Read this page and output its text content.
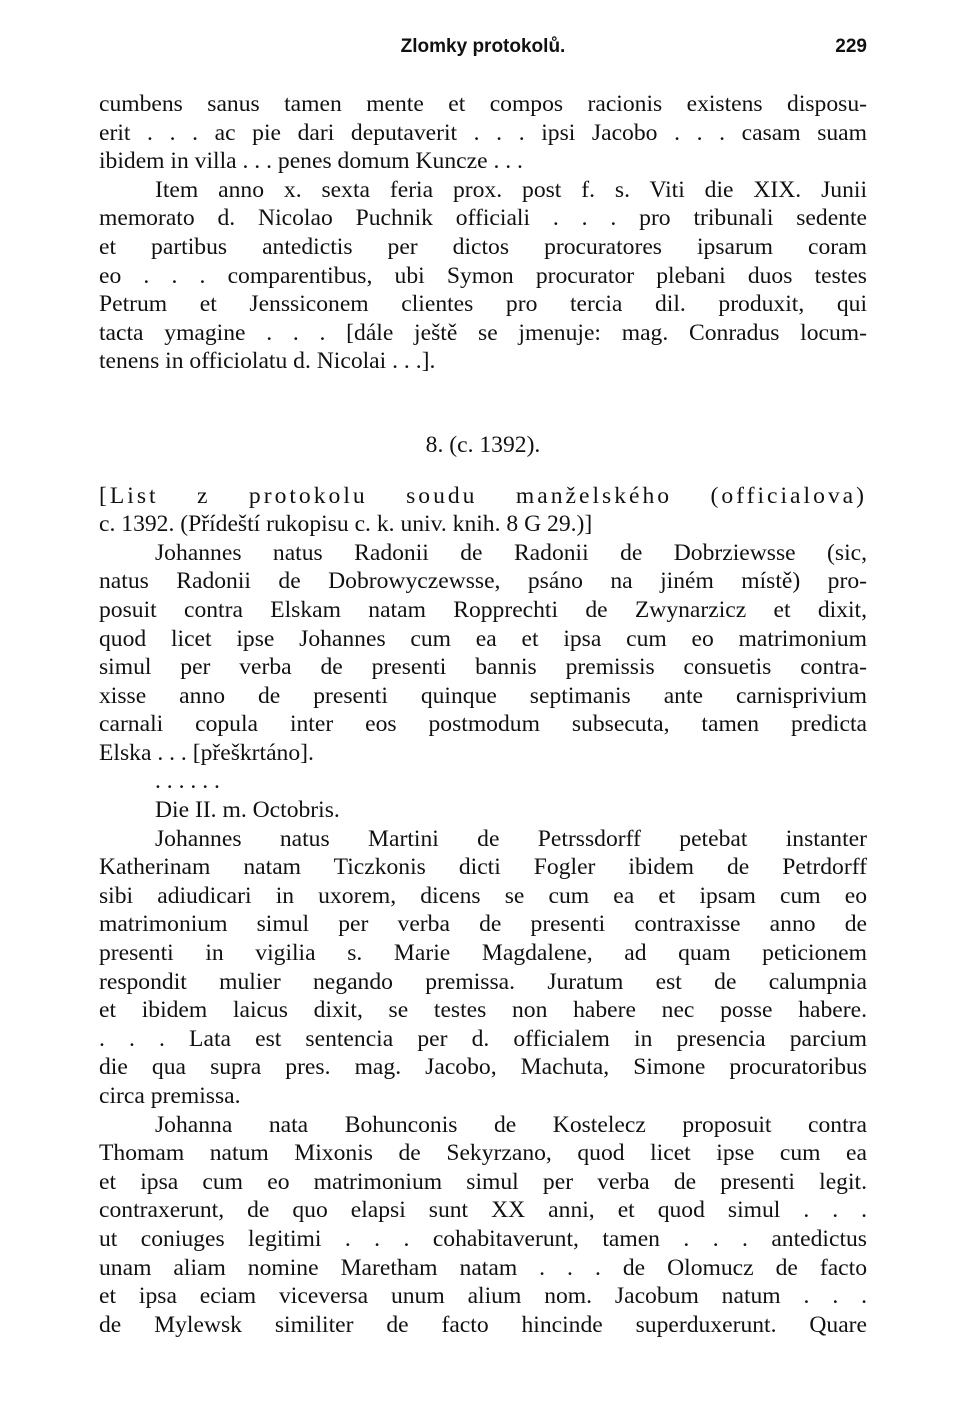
Zlomky protokolů.	229
cumbens sanus tamen mente et compos racionis existens disposu-
erit . . . ac pie dari deputaverit . . . ipsi Jacobo . . . casam suam
ibidem in villa . . . penes domum Kuncze . . .
Item anno x. sexta feria prox. post f. s. Viti die XIX. Junii
memorato d. Nicolao Puchnik officiali . . . pro tribunali sedente
et partibus antedictis per dictos procuratores ipsarum coram
eo . . . comparentibus, ubi Symon procurator plebani duos testes
Petrum et Jenssiconem clientes pro tercia dil. produxit, qui
tacta ymagine . . . [dále ještě se jmenuje: mag. Conradus locum-
tenens in officiolatu d. Nicolai . . .].
8. (c. 1392).
[List z protokolu soudu manželského (officialova)
c. 1392. (Přídeští rukopisu c. k. univ. knih. 8 G 29.)]
Johannes natus Radonii de Radonii de Dobrziewsse (sic,
natus Radonii de Dobrowyczewsse, psáno na jiném místě) pro-
posuit contra Elskam natam Ropprechti de Zwynarzicz et dixit,
quod licet ipse Johannes cum ea et ipsa cum eo matrimonium
simul per verba de presenti bannis premissis consuetis contra-
xisse anno de presenti quinque septimanis ante carnisprivium
carnali copula inter eos postmodum subsecuta, tamen predicta
Elska . . . [přeškrtáno].
. . . . . .
Die II. m. Octobris.
Johannes natus Martini de Petrssdorff petebat instanter
Katherinam natam Ticzkonis dicti Fogler ibidem de Petrdorff
sibi adiudicari in uxorem, dicens se cum ea et ipsam cum eo
matrimonium simul per verba de presenti contraxisse anno de
presenti in vigilia s. Marie Magdalene, ad quam peticionem
respondit mulier negando premissa. Juratum est de calumpnia
et ibidem laicus dixit, se testes non habere nec posse habere.
. . . Lata est sentencia per d. officialem in presencia parcium
die qua supra pres. mag. Jacobo, Machuta, Simone procuratoribus
circa premissa.
Johanna nata Bohunconis de Kostelecz proposuit contra
Thomam natum Mixonis de Sekyrzano, quod licet ipse cum ea
et ipsa cum eo matrimonium simul per verba de presenti legit.
contraxerunt, de quo elapsi sunt XX anni, et quod simul . . .
ut coniuges legitimi . . . cohabitaverunt, tamen . . . antedictus
unam aliam nomine Maretham natam . . . de Olomucz de facto
et ipsa eciam viceversa unum alium nom. Jacobum natum . . .
de Mylewsk similiter de facto hincinde superduxerunt. Quare
